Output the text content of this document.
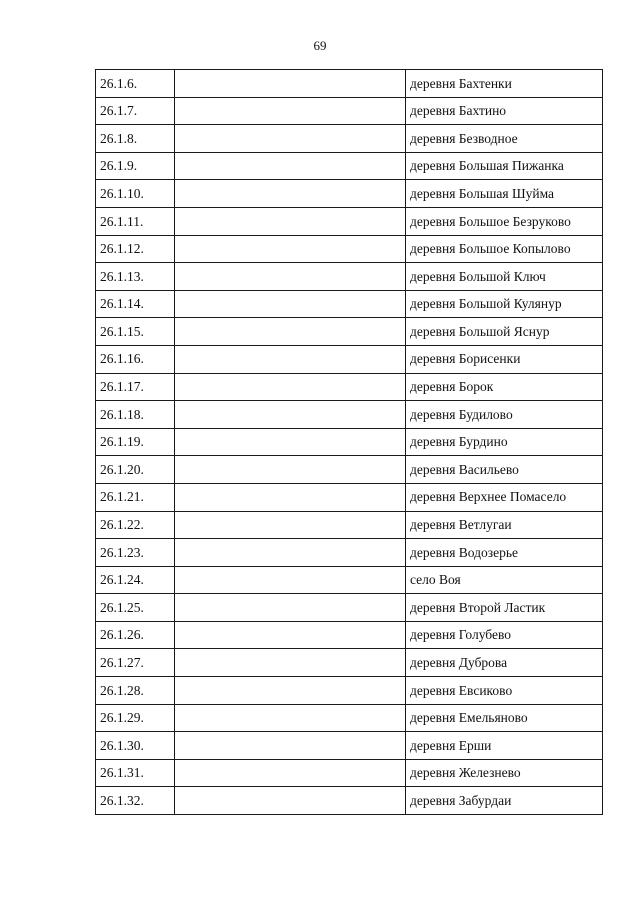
69
26.1.6.		деревня Бахтенки
26.1.7.		деревня Бахтино
26.1.8.		деревня Безводное
26.1.9.		деревня Большая Пижанка
26.1.10.		деревня Большая Шуйма
26.1.11.		деревня Большое Безруково
26.1.12.		деревня Большое Копылово
26.1.13.		деревня Большой Ключ
26.1.14.		деревня Большой Кулянур
26.1.15.		деревня Большой Яснур
26.1.16.		деревня Борисенки
26.1.17.		деревня Борок
26.1.18.		деревня Будилово
26.1.19.		деревня Бурдино
26.1.20.		деревня Васильево
26.1.21.		деревня Верхнее Помасело
26.1.22.		деревня Ветлугаи
26.1.23.		деревня Водозерье
26.1.24.		село Воя
26.1.25.		деревня Второй Ластик
26.1.26.		деревня Голубево
26.1.27.		деревня Дуброва
26.1.28.		деревня Евсиково
26.1.29.		деревня Емельяново
26.1.30.		деревня Ерши
26.1.31.		деревня Железнево
26.1.32.		деревня Забурдаи
